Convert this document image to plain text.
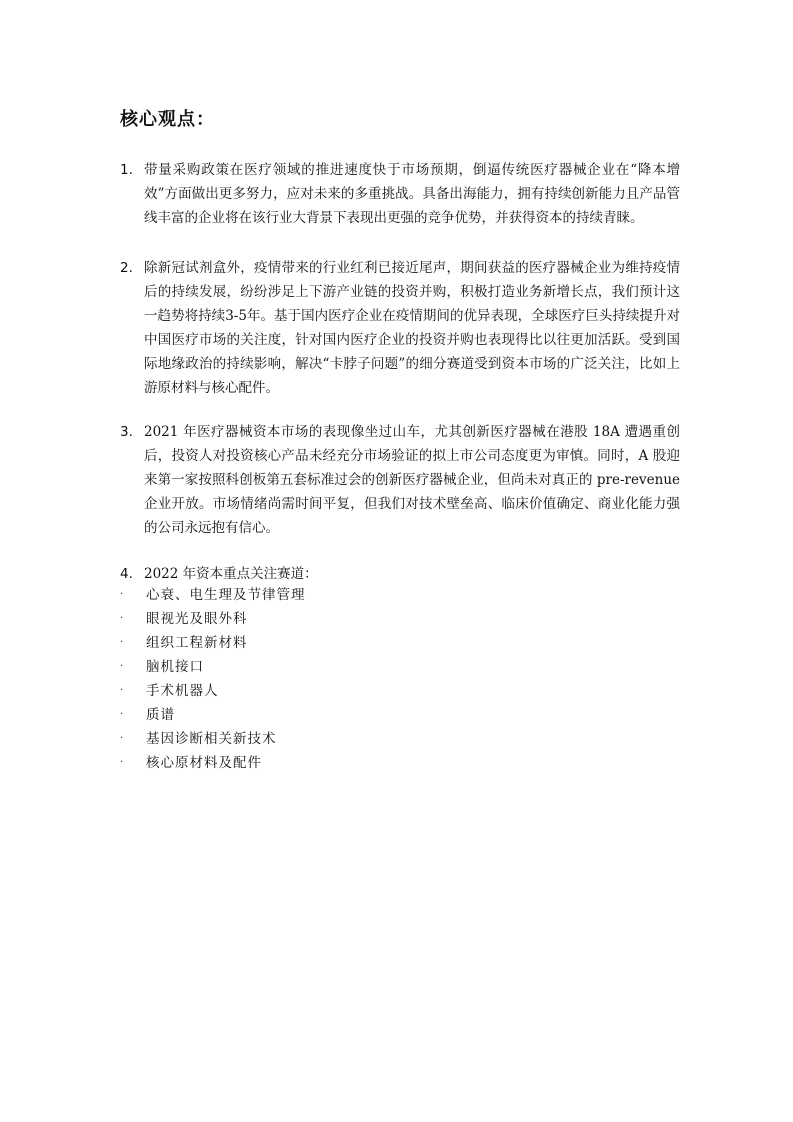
核心观点：
1. 带量采购政策在医疗领域的推进速度快于市场预期，倒逼传统医疗器械企业在“降本增效”方面做出更多努力，应对未来的多重挑战。具备出海能力，拥有持续创新能力且产品管线丰富的企业将在该行业大背景下表现出更强的竞争优势，并获得资本的持续青睐。
2. 除新冠试剂盒外，疫情带来的行业红利已接近尾声，期间获益的医疗器械企业为维持疫情后的持续发展，纷纷涉足上下游产业链的投资并购，积极打造业务新增长点，我们预计这一趋势将持续3-5年。基于国内医疗企业在疫情期间的优异表现，全球医疗巨头持续提升对中国医疗市场的关注度，针对国内医疗企业的投资并购也表现得比以往更加活跃。受到国际地缘政治的持续影响，解决“卡脖子问题”的细分赛道受到资本市场的广泛关注，比如上游原材料与核心配件。
3. 2021 年医疗器械资本市场的表现像坐过山车，尤其创新医疗器械在港股 18A 遭遇重创后，投资人对投资核心产品未经充分市场验证的拟上市公司态度更为审慎。同时，A 股迎来第一家按照科创板第五套标准过会的创新医疗器械企业，但尚未对真正的 pre-revenue 企业开放。市场情绪尚需时间平复，但我们对技术壁垒高、临床价值确定、商业化能力强的公司永远抱有信心。
4. 2022 年资本重点关注赛道：
· 心衰、电生理及节律管理
· 眼视光及眼外科
· 组织工程新材料
· 脑机接口
· 手术机器人
· 质谱
· 基因诊断相关新技术
· 核心原材料及配件
